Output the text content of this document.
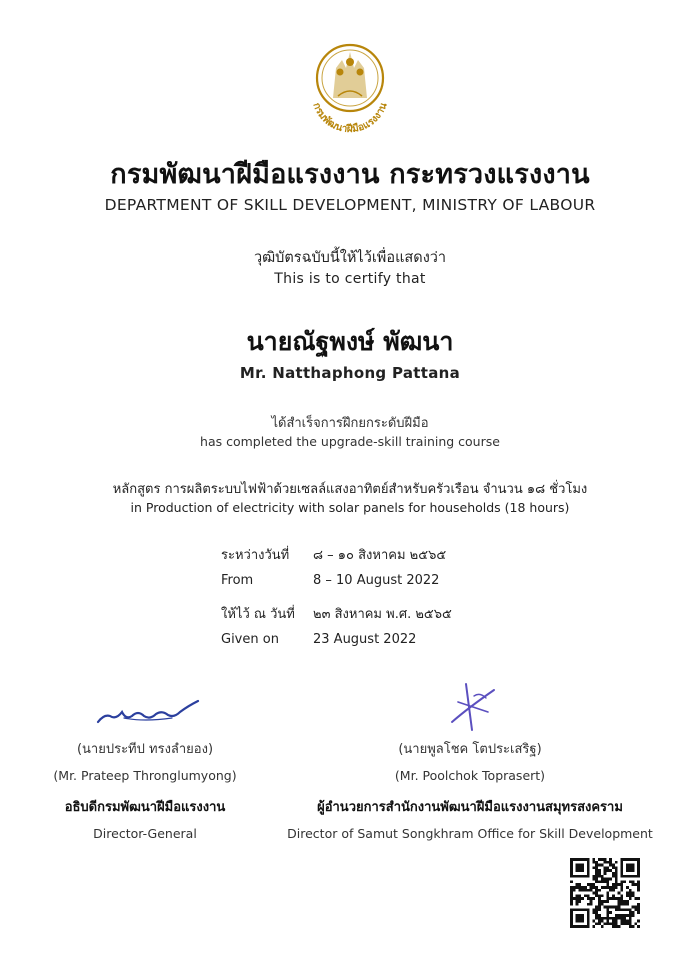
กรมพัฒนาฝีมือแรงงาน
กรมพัฒนาฝีมือแรงงาน กระทรวงแรงงาน
DEPARTMENT OF SKILL DEVELOPMENT, MINISTRY OF LABOUR
วุฒิบัตรฉบับนี้ให้ไว้เพื่อแสดงว่า
This is to certify that
นายณัฐพงษ์ พัฒนา
Mr. Natthaphong Pattana
ได้สำเร็จการฝึกยกระดับฝีมือ
has completed the upgrade-skill training course
หลักสูตร การผลิตระบบไฟฟ้าด้วยเซลล์แสงอาทิตย์สำหรับครัวเรือน จำนวน ๑๘ ชั่วโมง
in Production of electricity with solar panels for households (18 hours)
ระหว่างวันที่ ๘ – ๑๐ สิงหาคม ๒๕๖๕
From	8 – 10 August 2022
ให้ไว้ ณ วันที่ ๒๓ สิงหาคม พ.ศ. ๒๕๖๕
Given on	23 August 2022
(นายประทีป ทรงลำยอง)
(Mr. Prateep Thronglumyong)
อธิบดีกรมพัฒนาฝีมือแรงงาน
Director-General
(นายพูลโชค โตประเสริฐ)
(Mr. Poolchok Toprasert)
ผู้อำนวยการสำนักงานพัฒนาฝีมือแรงงานสมุทรสงคราม
Director of Samut Songkhram Office for Skill Development
